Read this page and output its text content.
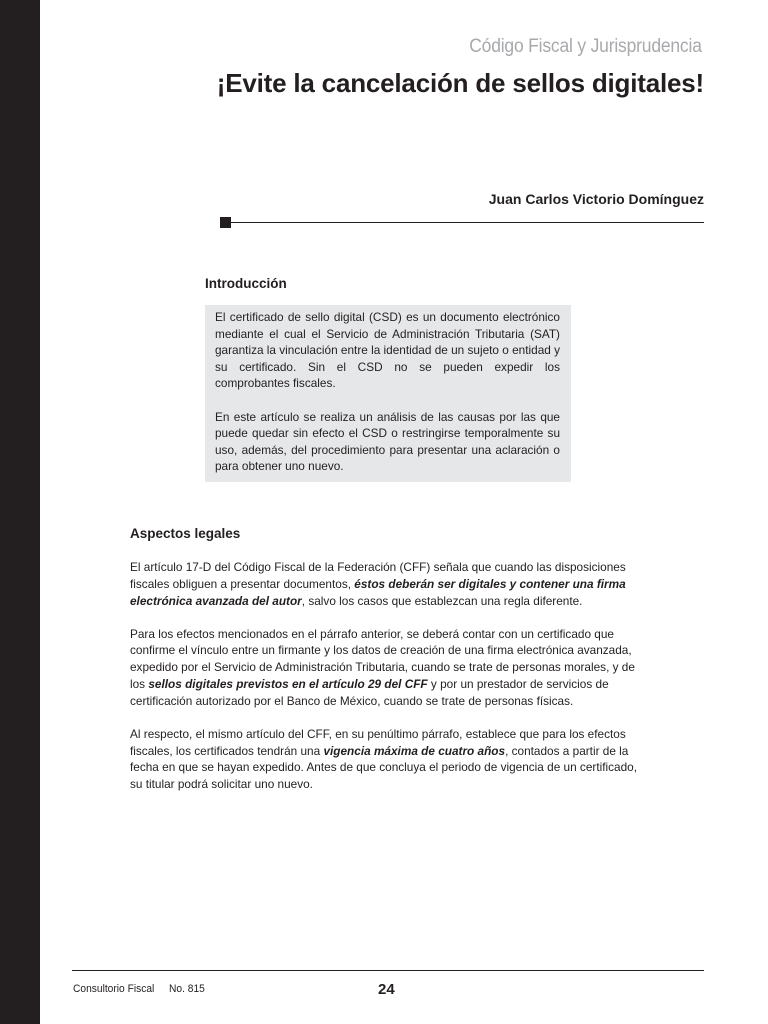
Código Fiscal y Jurisprudencia
¡Evite la cancelación de sellos digitales!
Juan Carlos Victorio Domínguez
Introducción

El certificado de sello digital (CSD) es un documento electrónico mediante el cual el Servicio de Administración Tributaria (SAT) garantiza la vinculación entre la identidad de un sujeto o entidad y su certificado. Sin el CSD no se pueden expedir los comprobantes fiscales.

En este artículo se realiza un análisis de las causas por las que puede quedar sin efecto el CSD o restringirse temporalmente su uso, además, del procedimiento para presentar una aclaración o para obtener uno nuevo.

Aspectos legales

El artículo 17-D del Código Fiscal de la Federación (CFF) señala que cuando las disposiciones fiscales obliguen a presentar documentos, éstos deberán ser digitales y contener una firma electrónica avanzada del autor, salvo los casos que establezcan una regla diferente.

Para los efectos mencionados en el párrafo anterior, se deberá contar con un certificado que confirme el vínculo entre un firmante y los datos de creación de una firma electrónica avanzada, expedido por el Servicio de Administración Tributaria, cuando se trate de personas morales, y de los sellos digitales previstos en el artículo 29 del CFF y por un prestador de servicios de certificación autorizado por el Banco de México, cuando se trate de personas físicas.

Al respecto, el mismo artículo del CFF, en su penúltimo párrafo, establece que para los efectos fiscales, los certificados tendrán una vigencia máxima de cuatro años, contados a partir de la fecha en que se hayan expedido. Antes de que concluya el periodo de vigencia de un certificado, su titular podrá solicitar uno nuevo.

Consultorio Fiscal No. 815	24
